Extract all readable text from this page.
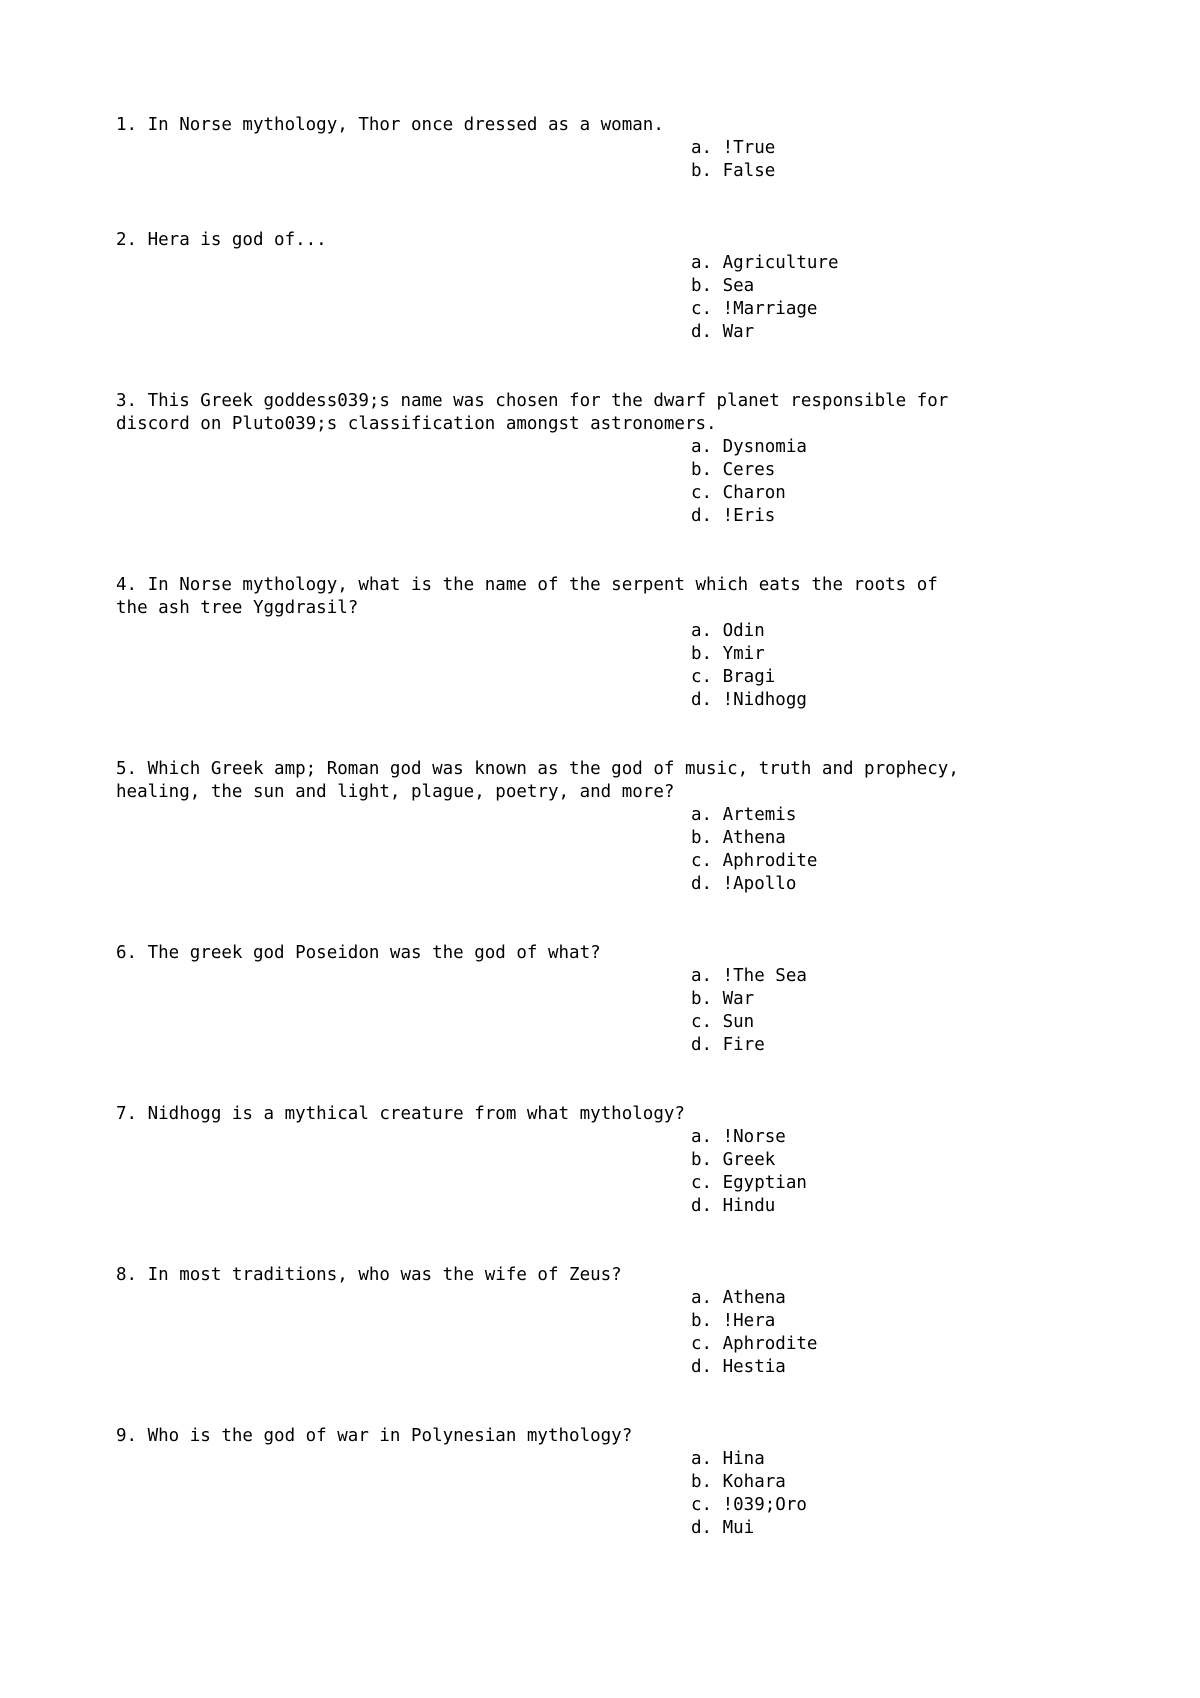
1. In Norse mythology, Thor once dressed as a woman.

a. !True
b. False

2. Hera is god of...

a. Agriculture
b. Sea
c. !Marriage
d. War

3. This Greek goddess039;s name was chosen for the dwarf planet responsible for

discord on Pluto039;s classification amongst astronomers.

a. Dysnomia
b. Ceres
c. Charon
d. !Eris

4. In Norse mythology, what is the name of the serpent which eats the roots of

the ash tree Yggdrasil?

a. Odin
b. Ymir
c. Bragi
d. !Nidhogg

5. Which Greek amp; Roman god was known as the god of music, truth and prophecy,

healing, the sun and light, plague, poetry, and more?

a. Artemis
b. Athena
c. Aphrodite
d. !Apollo

6. The greek god Poseidon was the god of what?

a. !The Sea
b. War
c. Sun
d. Fire

7. Nidhogg is a mythical creature from what mythology?

a. !Norse
b. Greek
c. Egyptian
d. Hindu

8. In most traditions, who was the wife of Zeus?

a. Athena
b. !Hera
c. Aphrodite
d. Hestia

9. Who is the god of war in Polynesian mythology?

a. Hina
b. Kohara
c. !039;Oro
d. Mui
